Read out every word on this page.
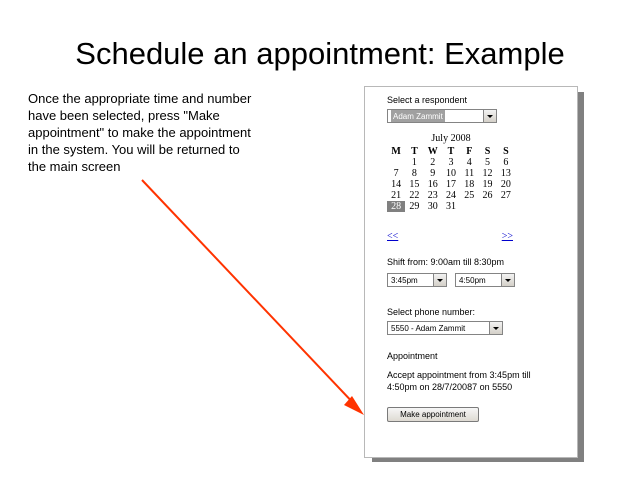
Schedule an appointment: Example
Once the appropriate time and number have been selected, press "Make appointment" to make the appointment in the system. You will be returned to the main screen
Select a respondent
Adam Zammit
July 2008
M	T	W	T	F	S	S
	1	2	3	4	5	6
7	8	9	10	11	12	13
14	15	16	17	18	19	20
21	22	23	24	25	26	27
28	29	30	31			
<<	>>
Shift from: 9:00am till 8:30pm
3:45pm	4:50pm
Select phone number:
5550 - Adam Zammit
Appointment
Accept appointment from 3:45pm till 4:50pm on 28/7/20087 on 5550
Make appointment
